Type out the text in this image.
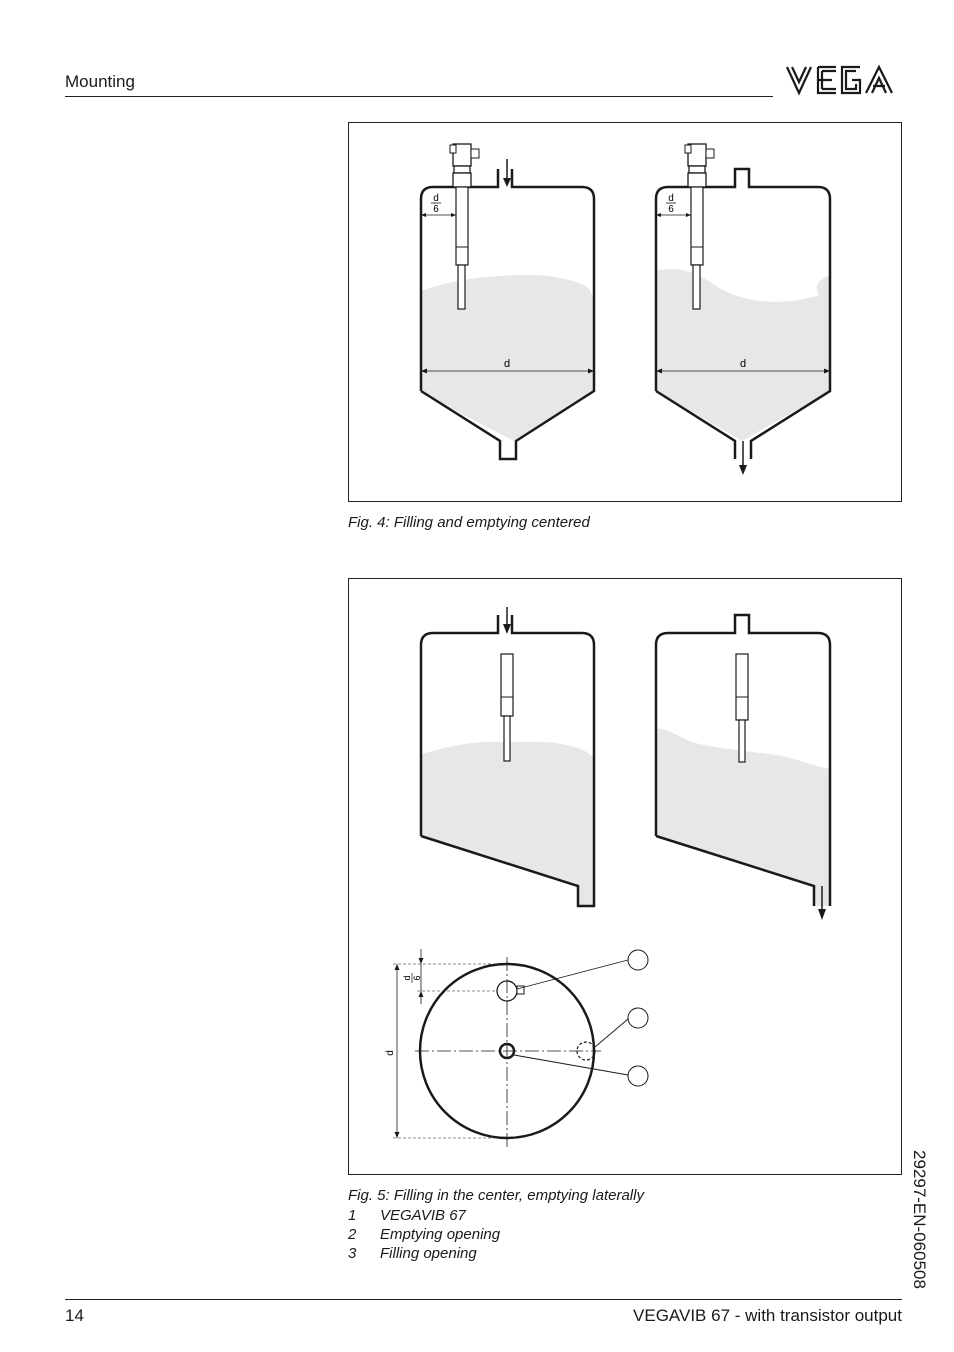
Mounting
d
6
d
d
6
d
Fig. 4: Filling and emptying centered
d
d 6
Fig. 5: Filling in the center, emptying laterally
1	VEGAVIB 67
2	Emptying opening
3	Filling opening	29297-EN-060508
14	VEGAVIB 67 - with transistor output
